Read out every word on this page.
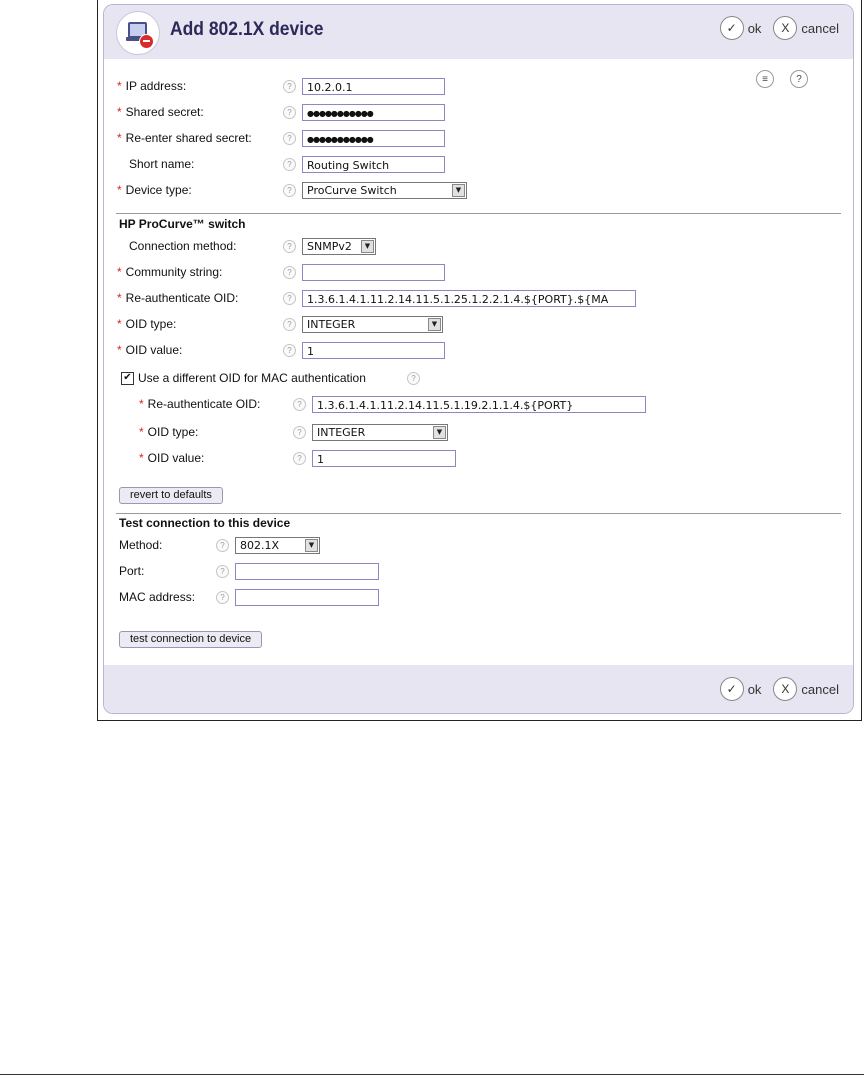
Add 802.1X device	✓ ok	X cancel
≡	?
* IP address:	?	10.2.0.1
* Shared secret:	?	●●●●●●●●●●●
* Re-enter shared secret:	?	●●●●●●●●●●●
Short name:	?	Routing Switch
* Device type:	?	ProCurve Switch	▼
HP ProCurve™ switch
Connection method:	?	SNMPv2	▼
* Community string:	?
* Re-authenticate OID:	?	1.3.6.1.4.1.11.2.14.11.5.1.25.1.2.2.1.4.${PORT}.${MA
* OID type:	?	INTEGER	▼
* OID value:	?	1
✔ Use a different OID for MAC authentication	?
* Re-authenticate OID:	?	1.3.6.1.4.1.11.2.14.11.5.1.19.2.1.1.4.${PORT}
* OID type:	?	INTEGER	▼
* OID value:	?	1
revert to defaults
Test connection to this device
Method:	?	802.1X	▼
Port:	?
MAC address:	?
test connection to device
✓ ok	X cancel
